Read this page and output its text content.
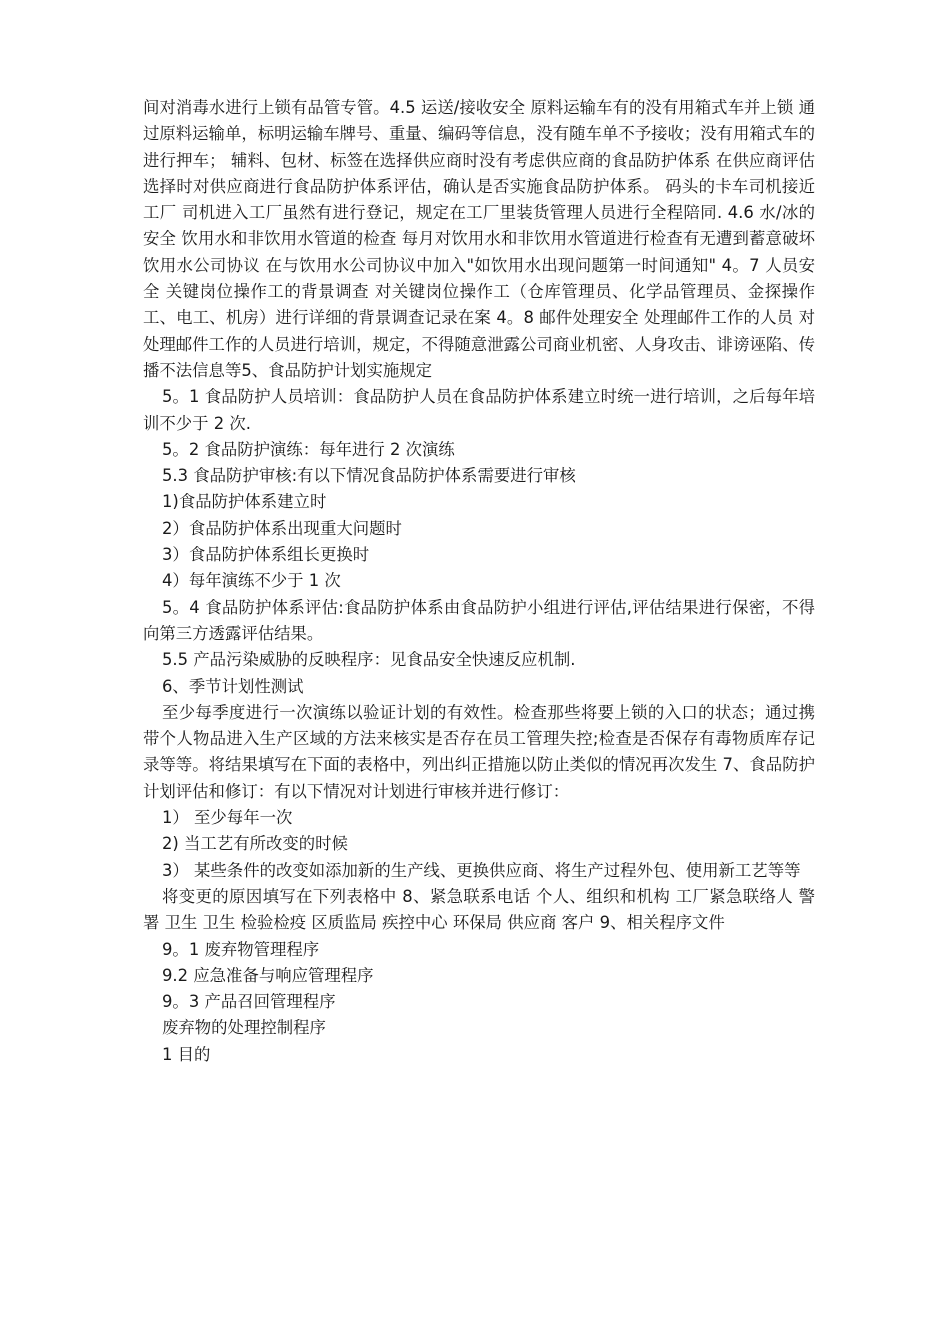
间对消毒水进行上锁有品管专管。4.5 运送/接收安全 原料运输车有的没有用箱式车并上锁 通过原料运输单，标明运输车牌号、重量、编码等信息，没有随车单不予接收；没有用箱式车的进行押车； 辅料、包材、标签在选择供应商时没有考虑供应商的食品防护体系 在供应商评估选择时对供应商进行食品防护体系评估，确认是否实施食品防护体系。 码头的卡车司机接近工厂 司机进入工厂虽然有进行登记，规定在工厂里装货管理人员进行全程陪同. 4.6 水/冰的安全 饮用水和非饮用水管道的检查 每月对饮用水和非饮用水管道进行检查有无遭到蓄意破坏 饮用水公司协议 在与饮用水公司协议中加入"如饮用水出现问题第一时间通知" 4。7 人员安全 关键岗位操作工的背景调查 对关键岗位操作工（仓库管理员、化学品管理员、金探操作工、电工、机房）进行详细的背景调查记录在案 4。8 邮件处理安全 处理邮件工作的人员 对处理邮件工作的人员进行培训，规定，不得随意泄露公司商业机密、人身攻击、诽谤诬陷、传播不法信息等5、食品防护计划实施规定

5。1 食品防护人员培训：食品防护人员在食品防护体系建立时统一进行培训，之后每年培训不少于 2 次.

5。2 食品防护演练：每年进行 2 次演练

5.3 食品防护审核:有以下情况食品防护体系需要进行审核

1)食品防护体系建立时

2）食品防护体系出现重大问题时

3）食品防护体系组长更换时

4）每年演练不少于 1 次

5。4 食品防护体系评估:食品防护体系由食品防护小组进行评估,评估结果进行保密，不得向第三方透露评估结果。

5.5 产品污染威胁的反映程序：见食品安全快速反应机制.

6、季节计划性测试

至少每季度进行一次演练以验证计划的有效性。检查那些将要上锁的入口的状态；通过携带个人物品进入生产区域的方法来核实是否存在员工管理失控;检查是否保存有毒物质库存记录等等。将结果填写在下面的表格中，列出纠正措施以防止类似的情况再次发生 7、食品防护计划评估和修订：有以下情况对计划进行审核并进行修订：

1） 至少每年一次

2) 当工艺有所改变的时候

3） 某些条件的改变如添加新的生产线、更换供应商、将生产过程外包、使用新工艺等等

将变更的原因填写在下列表格中 8、紧急联系电话 个人、组织和机构 工厂紧急联络人 警署 卫生 卫生 检验检疫 区质监局 疾控中心 环保局 供应商 客户 9、相关程序文件

9。1 废弃物管理程序

9.2 应急准备与响应管理程序

9。3 产品召回管理程序

废弃物的处理控制程序

1 目的
